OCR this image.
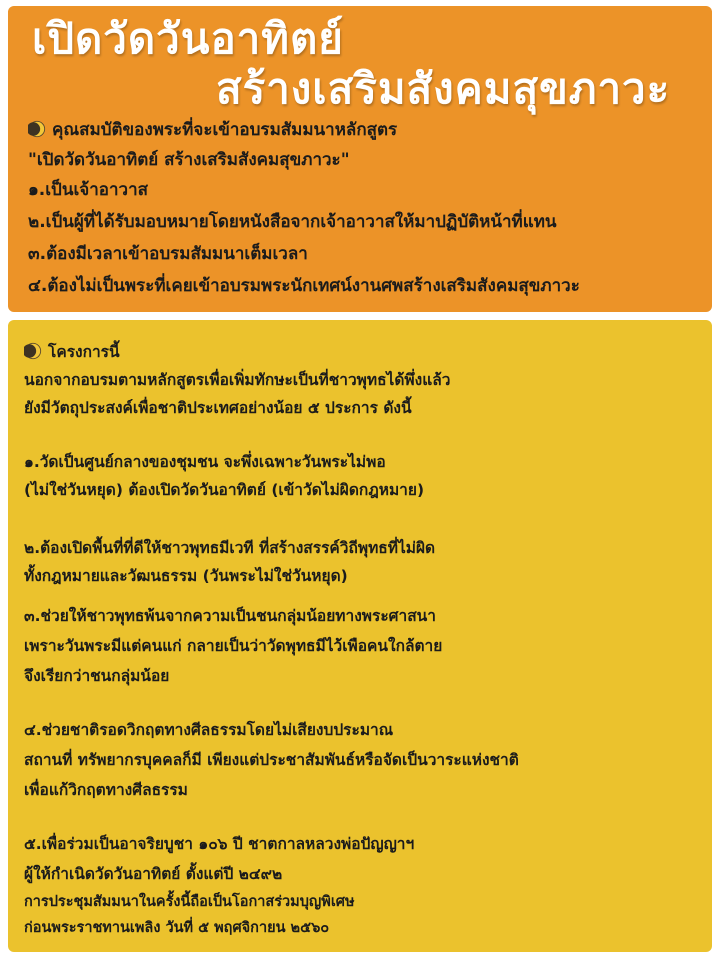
เปิดวัดวันอาทิตย์
สร้างเสริมสังคมสุขภาวะ
คุณสมบัติของพระที่จะเข้าอบรมสัมมนาหลักสูตร
"เปิดวัดวันอาทิตย์ สร้างเสริมสังคมสุขภาวะ"
๑.เป็นเจ้าอาวาส
๒.เป็นผู้ที่ได้รับมอบหมายโดยหนังสือจากเจ้าอาวาสให้มาปฏิบัติหน้าที่แทน
๓.ต้องมีเวลาเข้าอบรมสัมมนาเต็มเวลา
๔.ต้องไม่เป็นพระที่เคยเข้าอบรมพระนักเทศน์งานศพสร้างเสริมสังคมสุขภาวะ
โครงการนี้
นอกจากอบรมตามหลักสูตรเพื่อเพิ่มทักษะเป็นที่ชาวพุทธได้พึ่งแล้ว
ยังมีวัตถุประสงค์เพื่อชาติประเทศอย่างน้อย ๕ ประการ ดังนี้
๑.วัดเป็นศูนย์กลางของชุมชน จะพึ่งเฉพาะวันพระไม่พอ
(ไม่ใช่วันหยุด) ต้องเปิดวัดวันอาทิตย์ (เข้าวัดไม่ผิดกฎหมาย)
๒.ต้องเปิดพื้นที่ที่ดีให้ชาวพุทธมีเวที ที่สร้างสรรค์วิถีพุทธที่ไม่ผิด
ทั้งกฎหมายและวัฒนธรรม (วันพระไม่ใช่วันหยุด)
๓.ช่วยให้ชาวพุทธพ้นจากความเป็นชนกลุ่มน้อยทางพระศาสนา
เพราะวันพระมีแต่คนแก่ กลายเป็นว่าวัดพุทธมีไว้เพือคนใกล้ตาย
จึงเรียกว่าชนกลุ่มน้อย
๔.ช่วยชาติรอดวิกฤตทางศีลธรรมโดยไม่เสียงบประมาณ
สถานที่ ทรัพยากรบุคคลก็มี เพียงแต่ประชาสัมพันธ์หรือจัดเป็นวาระแห่งชาติ
เพื่อแก้วิกฤตทางศีลธรรม
๕.เพื่อร่วมเป็นอาจริยบูชา ๑๐๖ ปี ชาตกาลหลวงพ่อปัญญาฯ
ผู้ให้กำเนิดวัดวันอาทิตย์ ตั้งแต่ปี ๒๔๙๒
การประชุมสัมมนาในครั้งนี้ถือเป็นโอกาสร่วมบุญพิเศษ
ก่อนพระราชทานเพลิง วันที่ ๕ พฤศจิกายน ๒๕๖๐
